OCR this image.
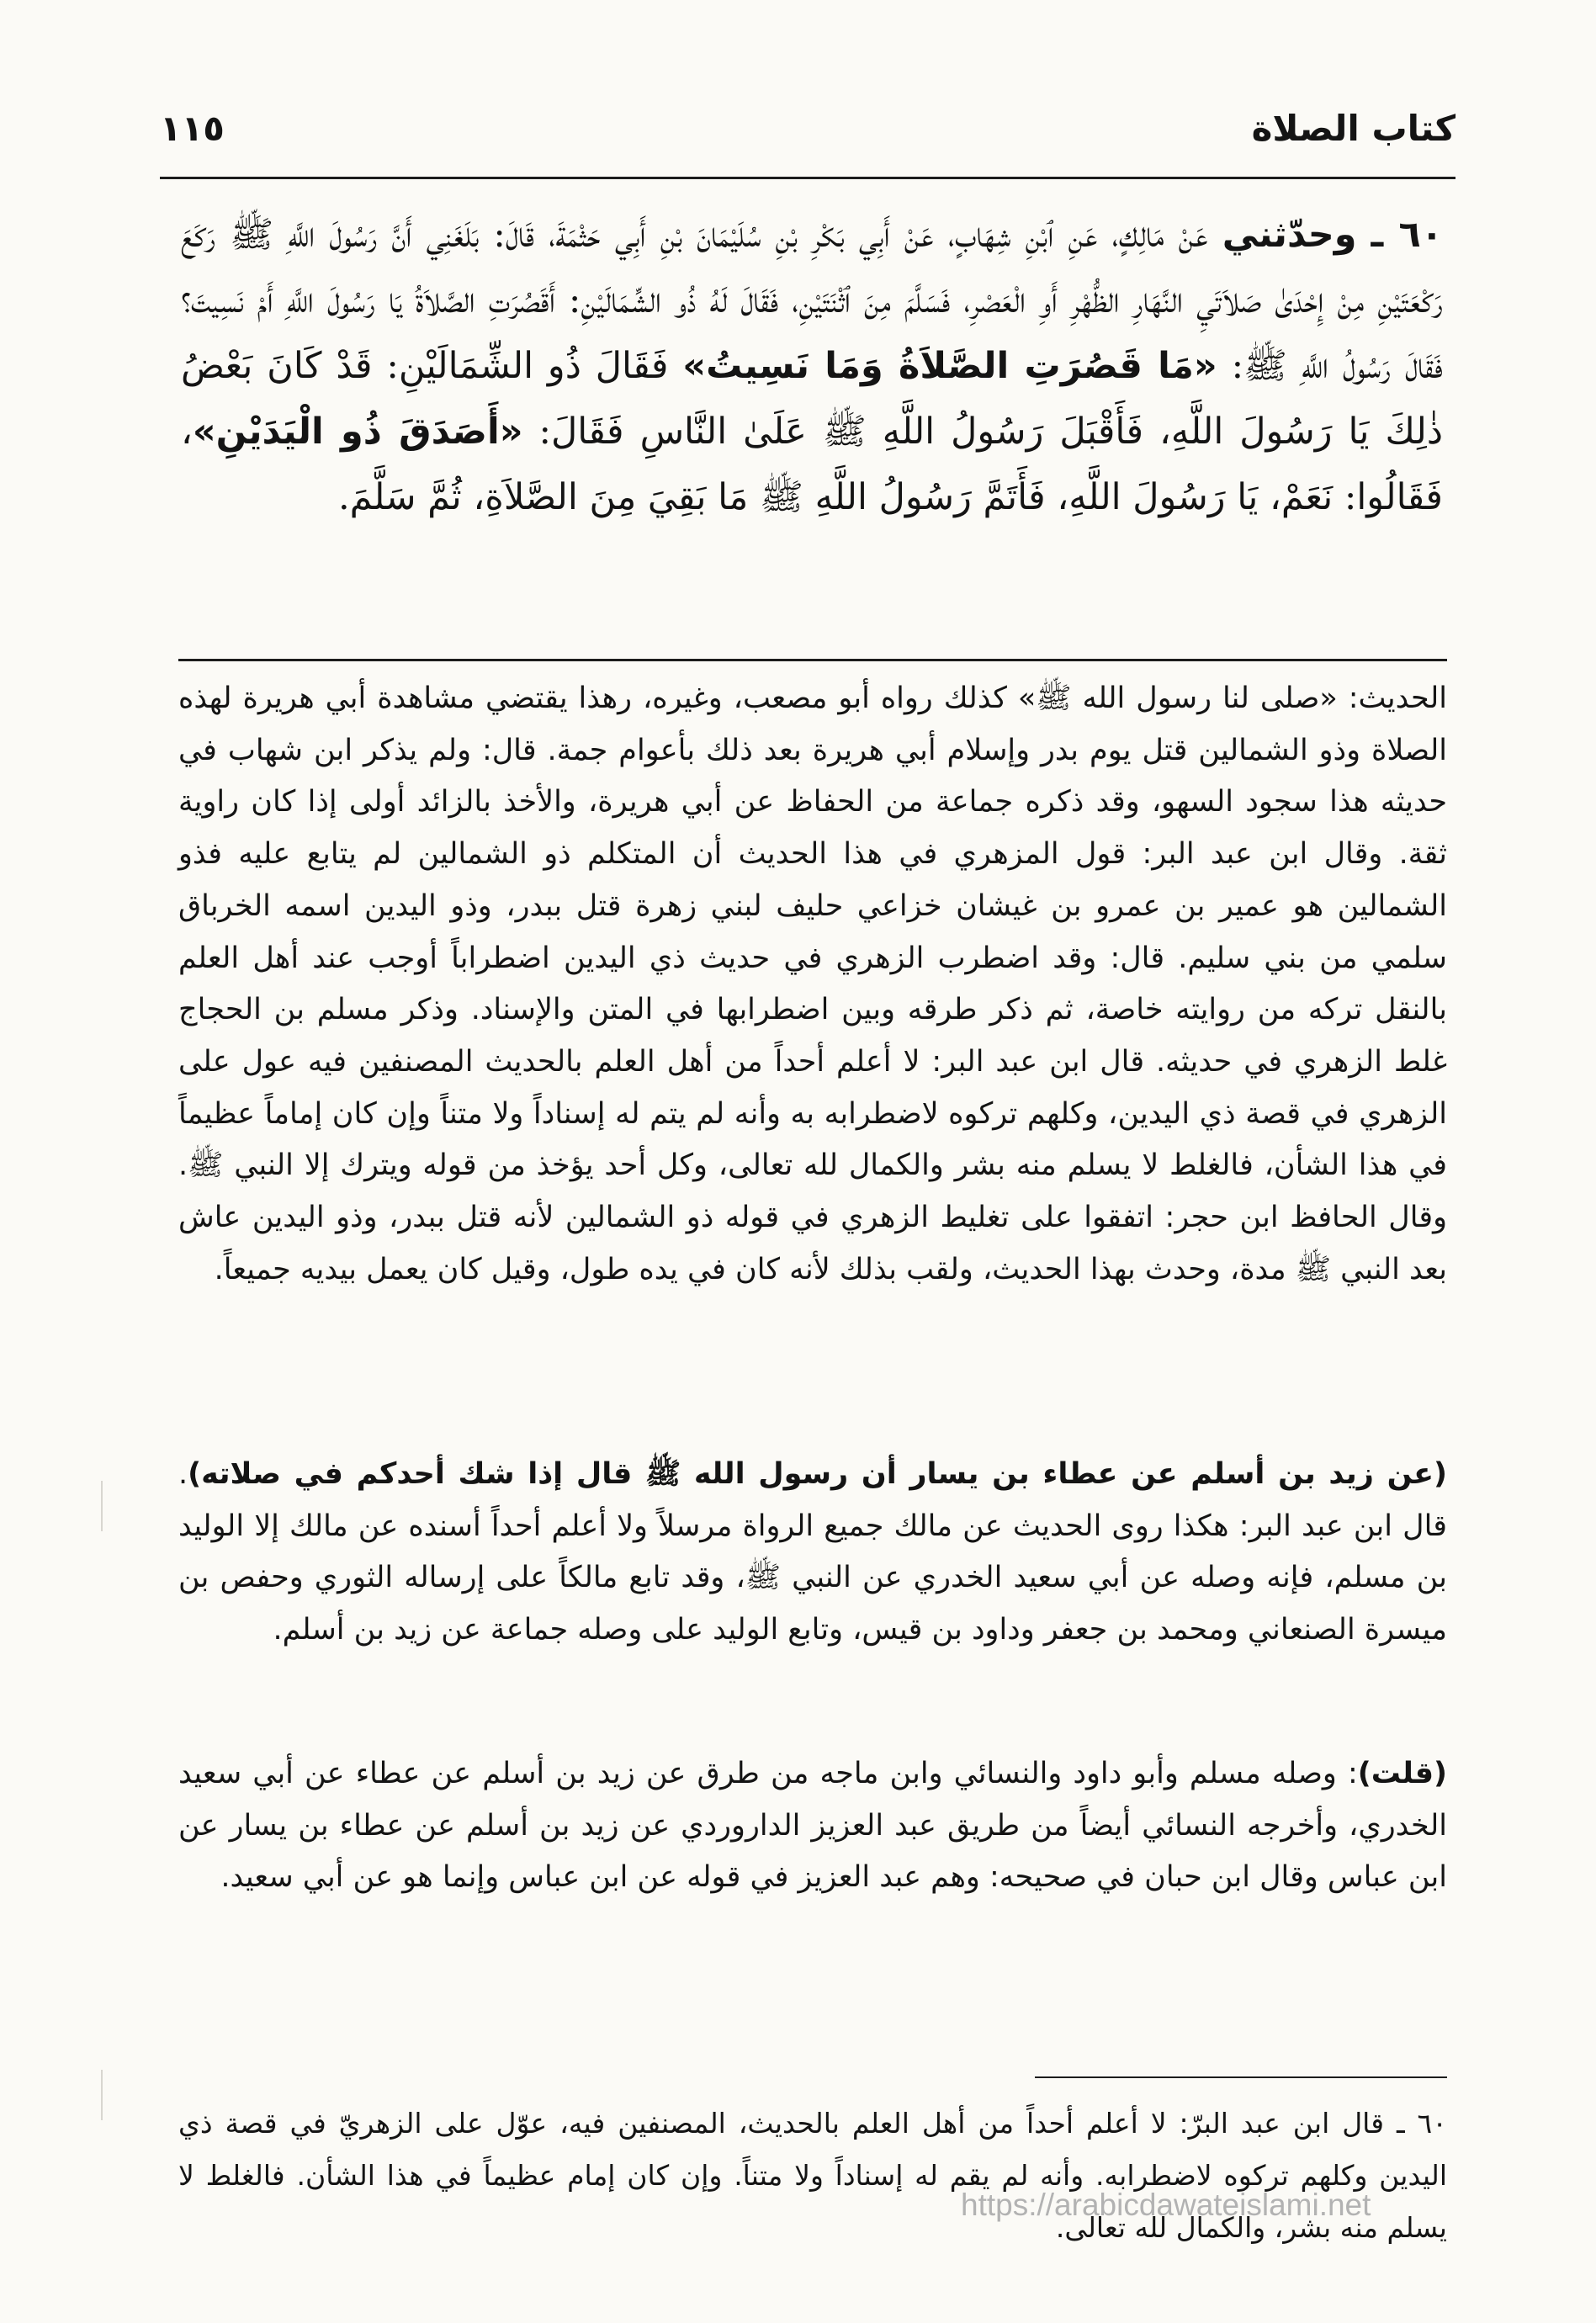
كتاب الصلاة
١١٥
٦٠ ـ وحدّثني عَنْ مَالِكٍ، عَنِ ٱبْنِ شِهَابٍ، عَنْ أَبِي بَكْرِ بْنِ سُلَيْمَانَ بْنِ أَبِي حَثْمَةَ، قَالَ: بَلَغَنِي أَنَّ رَسُولَ اللَّهِ ﷺ رَكَعَ رَكْعَتَيْنِ مِنْ إِحْدَىٰ صَلاَتَيِ النَّهَارِ الظُّهْرِ أَوِ الْعَصْرِ، فَسَلَّمَ مِنَ ٱثْنَتَيْنِ، فَقَالَ لَهُ ذُو الشِّمَالَيْنِ: أَقَصُرَتِ الصَّلاَةُ يَا رَسُولَ اللَّهِ أَمْ نَسِيتَ؟ فَقَالَ رَسُولُ اللَّهِ ﷺ: «مَا قَصُرَتِ الصَّلاَةُ وَمَا نَسِيتُ» فَقَالَ ذُو الشِّمَالَيْنِ: قَدْ كَانَ بَعْضُ ذٰلِكَ يَا رَسُولَ اللَّهِ، فَأَقْبَلَ رَسُولُ اللَّهِ ﷺ عَلَىٰ النَّاسِ فَقَالَ: «أَصَدَقَ ذُو الْيَدَيْنِ»، فَقَالُوا: نَعَمْ، يَا رَسُولَ اللَّهِ، فَأَتَمَّ رَسُولُ اللَّهِ ﷺ مَا بَقِيَ مِنَ الصَّلاَةِ، ثُمَّ سَلَّمَ.
الحديث: «صلى لنا رسول الله ﷺ» كذلك رواه أبو مصعب، وغيره، رهذا يقتضي مشاهدة أبي هريرة لهذه الصلاة وذو الشمالين قتل يوم بدر وإسلام أبي هريرة بعد ذلك بأعوام جمة. قال: ولم يذكر ابن شهاب في حديثه هذا سجود السهو، وقد ذكره جماعة من الحفاظ عن أبي هريرة، والأخذ بالزائد أولى إذا كان راوية ثقة. وقال ابن عبد البر: قول المزهري في هذا الحديث أن المتكلم ذو الشمالين لم يتابع عليه فذو الشمالين هو عمير بن عمرو بن غيشان خزاعي حليف لبني زهرة قتل ببدر، وذو اليدين اسمه الخرباق سلمي من بني سليم. قال: وقد اضطرب الزهري في حديث ذي اليدين اضطراباً أوجب عند أهل العلم بالنقل تركه من روايته خاصة، ثم ذكر طرقه وبين اضطرابها في المتن والإسناد. وذكر مسلم بن الحجاج غلط الزهري في حديثه. قال ابن عبد البر: لا أعلم أحداً من أهل العلم بالحديث المصنفين فيه عول على الزهري في قصة ذي اليدين، وكلهم تركوه لاضطرابه به وأنه لم يتم له إسناداً ولا متناً وإن كان إماماً عظيماً في هذا الشأن، فالغلط لا يسلم منه بشر والكمال لله تعالى، وكل أحد يؤخذ من قوله ويترك إلا النبي ﷺ. وقال الحافظ ابن حجر: اتفقوا على تغليط الزهري في قوله ذو الشمالين لأنه قتل ببدر، وذو اليدين عاش بعد النبي ﷺ مدة، وحدث بهذا الحديث، ولقب بذلك لأنه كان في يده طول، وقيل كان يعمل بيديه جميعاً.
(عن زيد بن أسلم عن عطاء بن يسار أن رسول الله ﷺ قال إذا شك أحدكم في صلاته). قال ابن عبد البر: هكذا روى الحديث عن مالك جميع الرواة مرسلاً ولا أعلم أحداً أسنده عن مالك إلا الوليد بن مسلم، فإنه وصله عن أبي سعيد الخدري عن النبي ﷺ، وقد تابع مالكاً على إرساله الثوري وحفص بن ميسرة الصنعاني ومحمد بن جعفر وداود بن قيس، وتابع الوليد على وصله جماعة عن زيد بن أسلم.
(قلت): وصله مسلم وأبو داود والنسائي وابن ماجه من طرق عن زيد بن أسلم عن عطاء عن أبي سعيد الخدري، وأخرجه النسائي أيضاً من طريق عبد العزيز الداروردي عن زيد بن أسلم عن عطاء بن يسار عن ابن عباس وقال ابن حبان في صحيحه: وهم عبد العزيز في قوله عن ابن عباس وإنما هو عن أبي سعيد.
٦٠ ـ قال ابن عبد البرّ: لا أعلم أحداً من أهل العلم بالحديث، المصنفين فيه، عوّل على الزهريّ في قصة ذي اليدين وكلهم تركوه لاضطرابه. وأنه لم يقم له إسناداً ولا متناً. وإن كان إمام عظيماً في هذا الشأن. فالغلط لا يسلم منه بشر، والكمال لله تعالى.
https://arabicdawateislami.net
